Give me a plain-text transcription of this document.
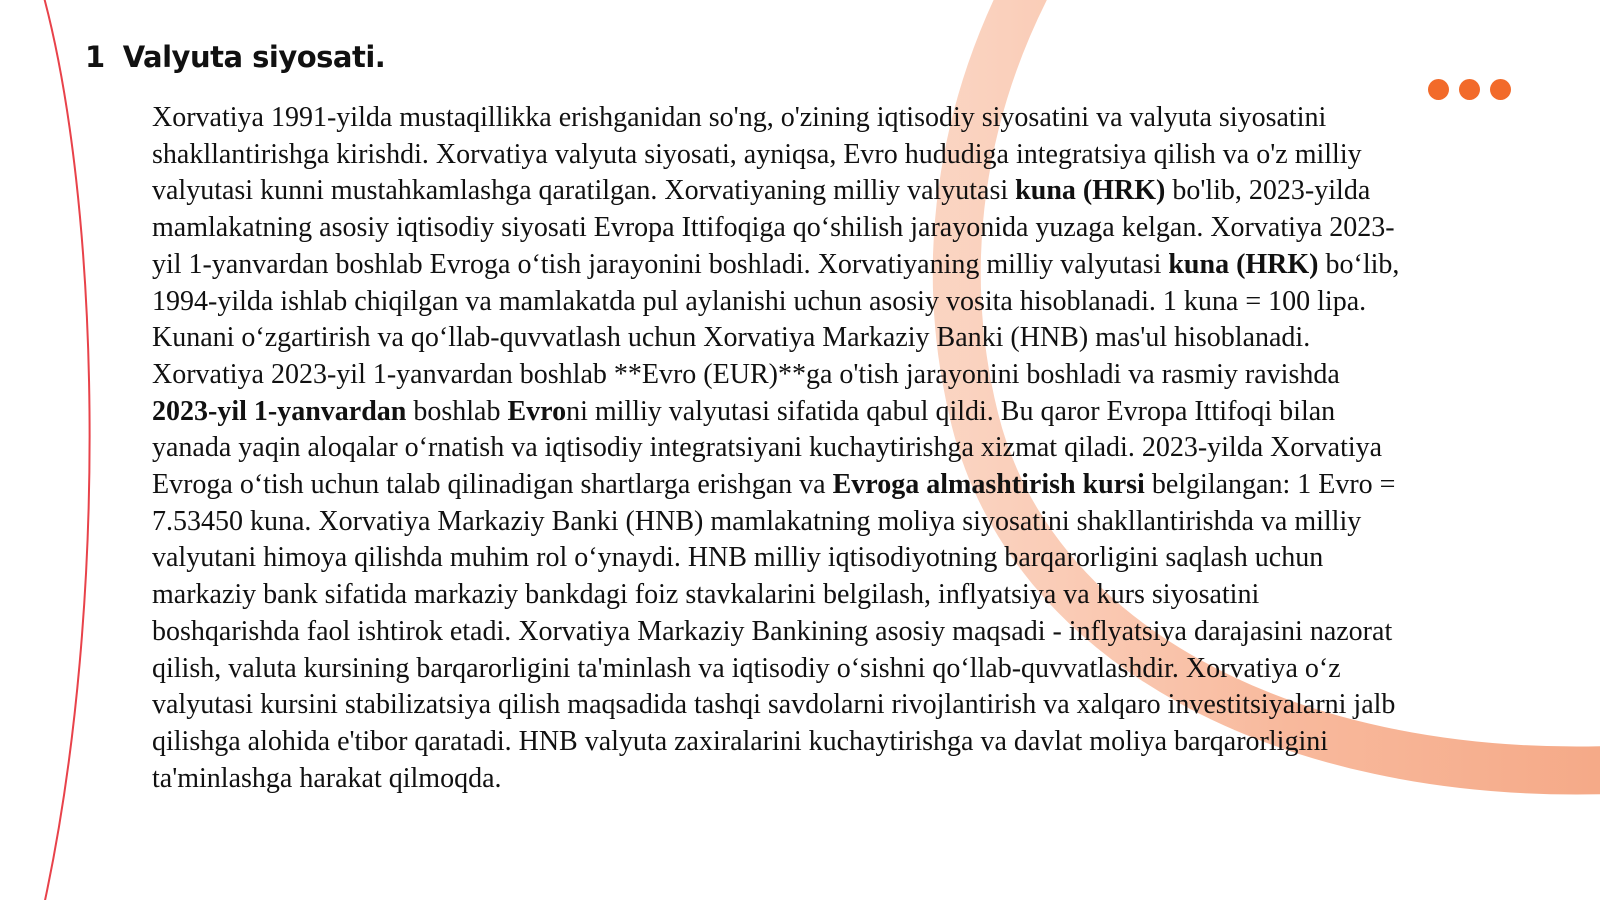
1 Valyuta siyosati.

Xorvatiya 1991-yilda mustaqillikka erishganidan so'ng, o'zining iqtisodiy siyosatini va valyuta siyosatini shakllantirishga kirishdi. Xorvatiya valyuta siyosati, ayniqsa, Evro hududiga integratsiya qilish va o'z milliy valyutasi kunni mustahkamlashga qaratilgan. Xorvatiyaning milliy valyutasi kuna (HRK) bo'lib, 2023-yilda mamlakatning asosiy iqtisodiy siyosati Evropa Ittifoqiga qo‘shilish jarayonida yuzaga kelgan. Xorvatiya 2023-yil 1-yanvardan boshlab Evroga o‘tish jarayonini boshladi. Xorvatiyaning milliy valyutasi kuna (HRK) bo‘lib, 1994-yilda ishlab chiqilgan va mamlakatda pul aylanishi uchun asosiy vosita hisoblanadi. 1 kuna = 100 lipa. Kunani o‘zgartirish va qo‘llab-quvvatlash uchun Xorvatiya Markaziy Banki (HNB) mas'ul hisoblanadi. Xorvatiya 2023-yil 1-yanvardan boshlab **Evro (EUR)**ga o'tish jarayonini boshladi va rasmiy ravishda 2023-yil 1-yanvardan boshlab Evroni milliy valyutasi sifatida qabul qildi. Bu qaror Evropa Ittifoqi bilan yanada yaqin aloqalar o‘rnatish va iqtisodiy integratsiyani kuchaytirishga xizmat qiladi. 2023-yilda Xorvatiya Evroga o‘tish uchun talab qilinadigan shartlarga erishgan va Evroga almashtirish kursi belgilangan: 1 Evro = 7.53450 kuna. Xorvatiya Markaziy Banki (HNB) mamlakatning moliya siyosatini shakllantirishda va milliy valyutani himoya qilishda muhim rol o‘ynaydi. HNB milliy iqtisodiyotning barqarorligini saqlash uchun markaziy bank sifatida markaziy bankdagi foiz stavkalarini belgilash, inflyatsiya va kurs siyosatini boshqarishda faol ishtirok etadi. Xorvatiya Markaziy Bankining asosiy maqsadi - inflyatsiya darajasini nazorat qilish, valuta kursining barqarorligini ta'minlash va iqtisodiy o‘sishni qo‘llab-quvvatlashdir. Xorvatiya o‘z valyutasi kursini stabilizatsiya qilish maqsadida tashqi savdolarni rivojlantirish va xalqaro investitsiyalarni jalb qilishga alohida e'tibor qaratadi. HNB valyuta zaxiralarini kuchaytirishga va davlat moliya barqarorligini ta'minlashga harakat qilmoqda.
